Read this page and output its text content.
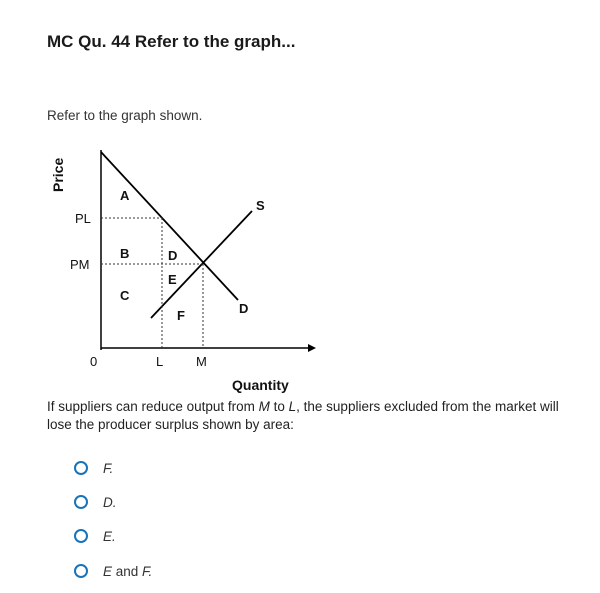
MC Qu. 44 Refer to the graph...
Refer to the graph shown.
Price
PL
PM
0	L	M
S
D
A
B
C
D
E
F
Quantity
If suppliers can reduce output from M to L, the suppliers excluded from the market will lose the producer surplus shown by area:
F.
D.
E.
E and F.
